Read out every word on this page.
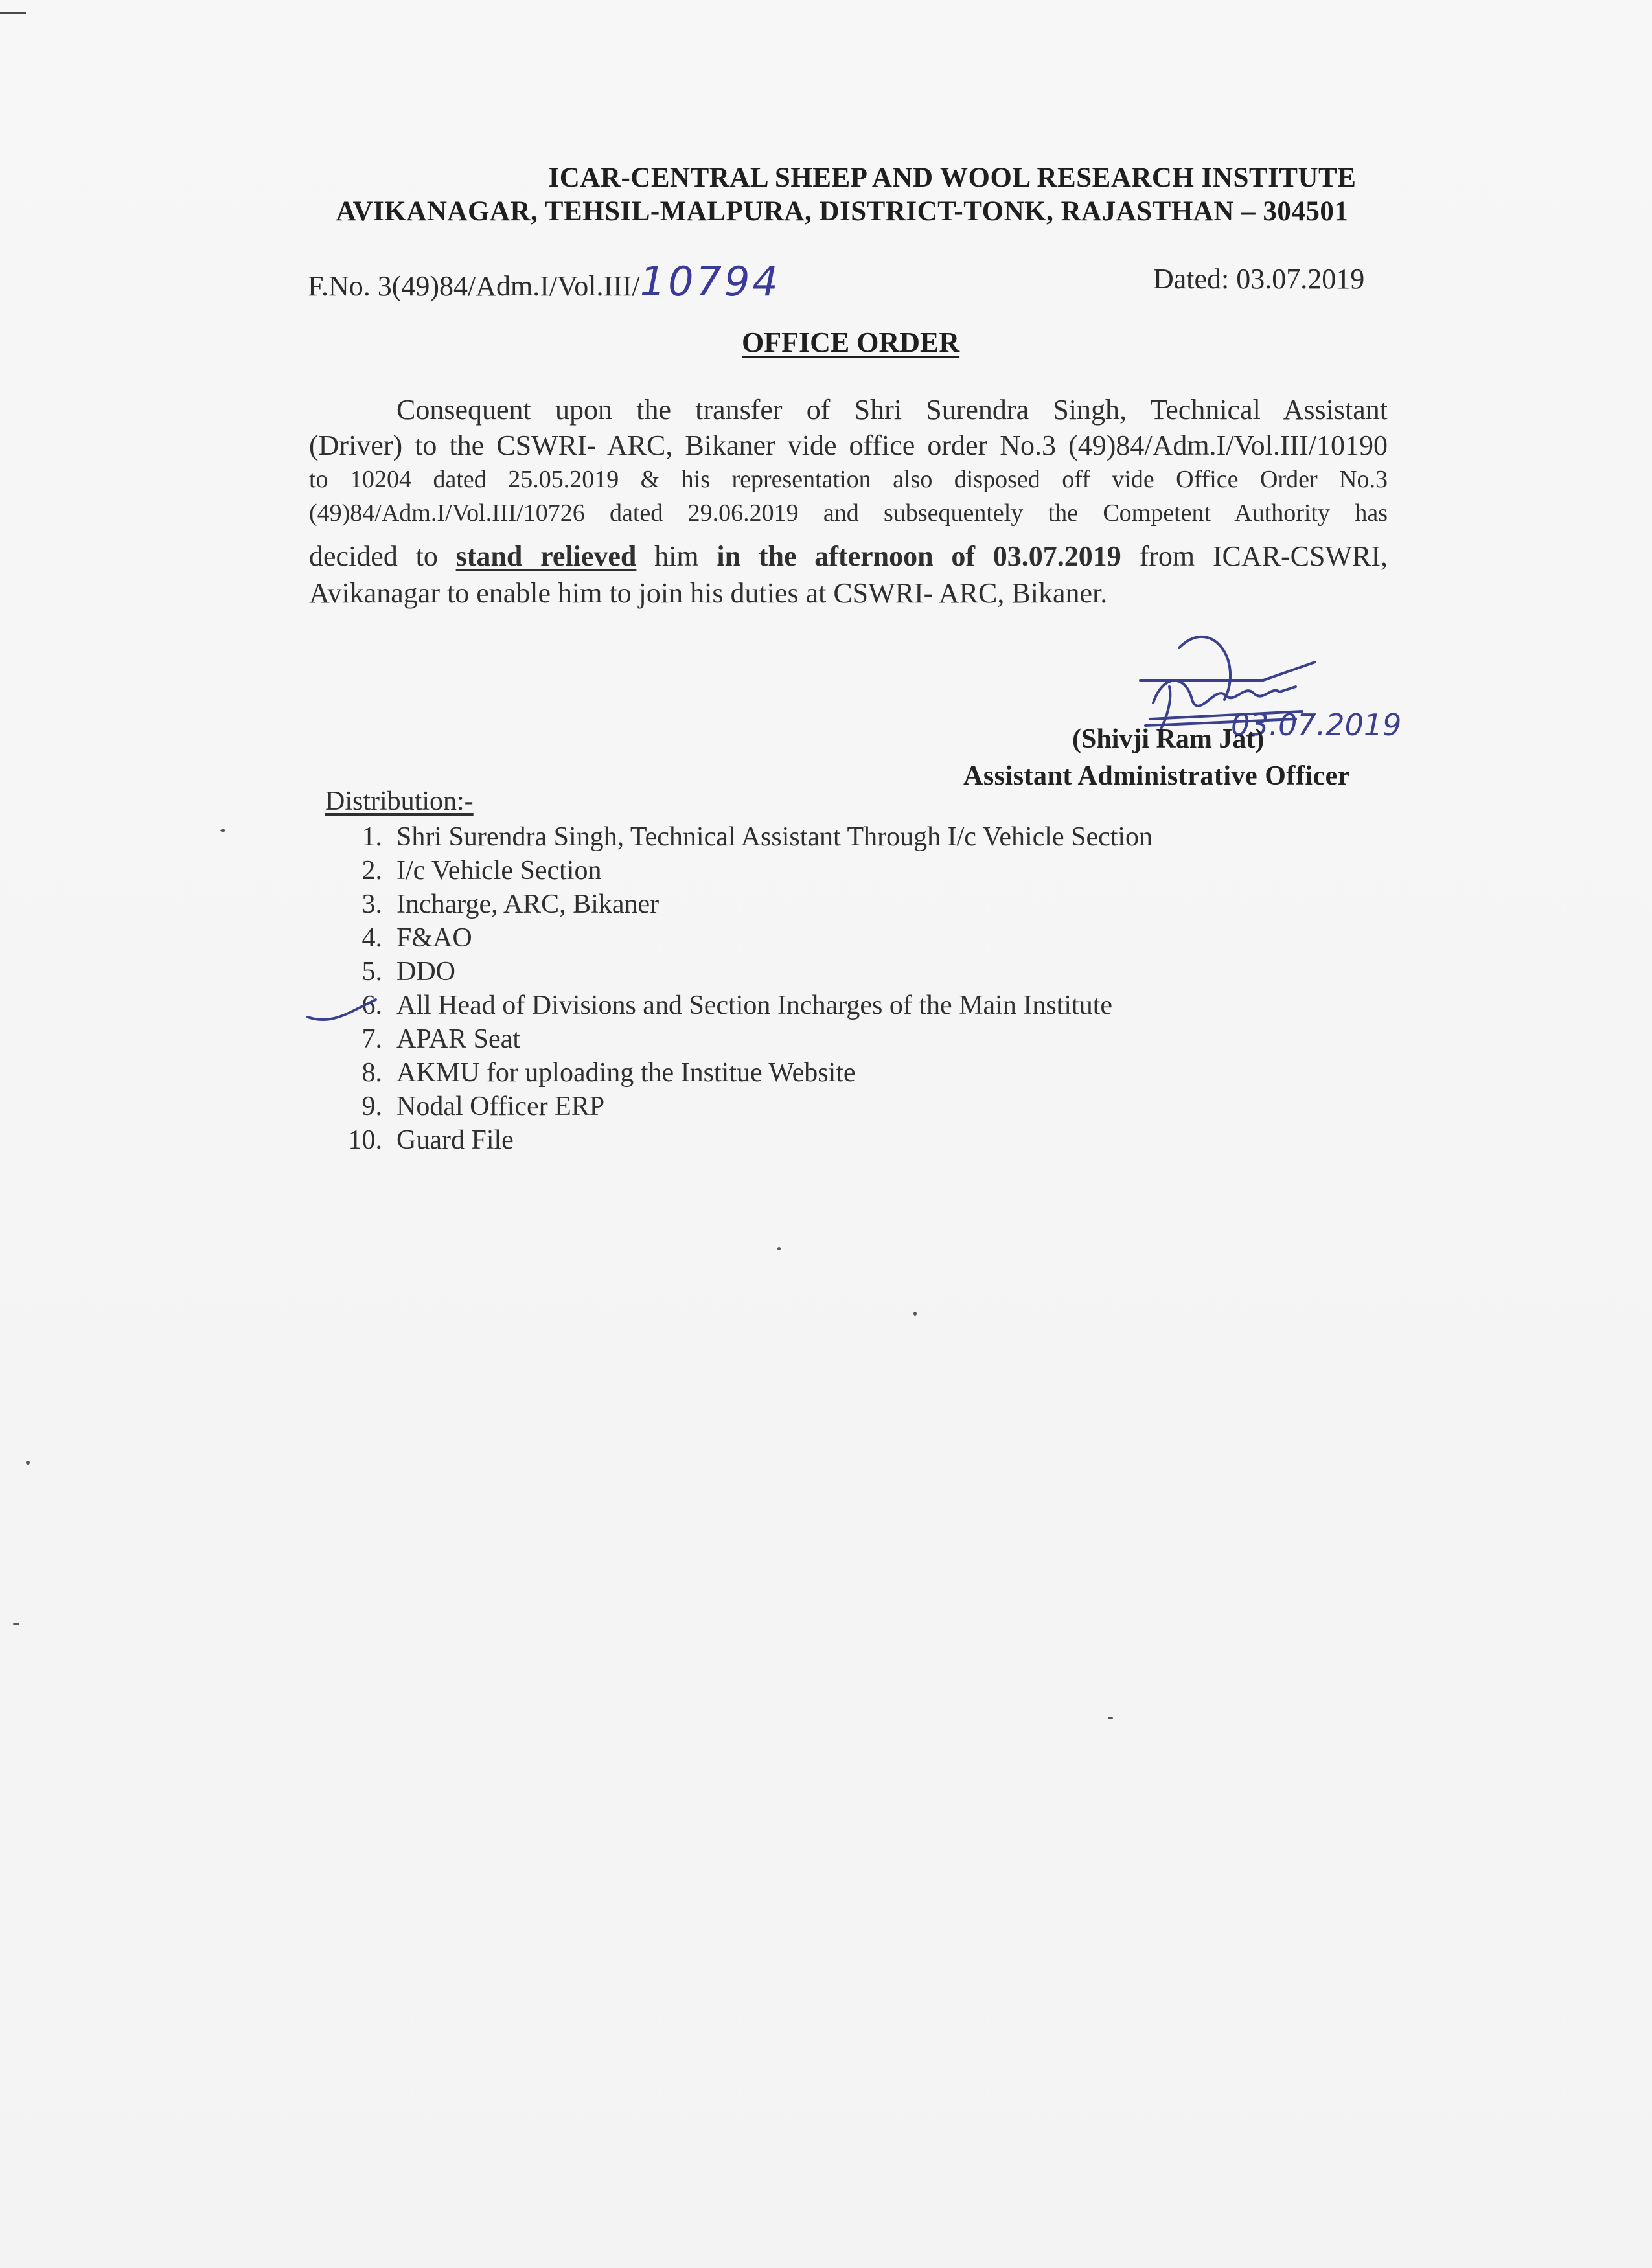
ICAR-CENTRAL SHEEP AND WOOL RESEARCH INSTITUTE
AVIKANAGAR, TEHSIL-MALPURA, DISTRICT-TONK, RAJASTHAN – 304501
F.No. 3(49)84/Adm.I/Vol.III/10794	Dated: 03.07.2019
OFFICE ORDER
Consequent upon the transfer of Shri Surendra Singh, Technical Assistant
(Driver) to the CSWRI- ARC, Bikaner vide office order No.3 (49)84/Adm.I/Vol.III/10190
to 10204 dated 25.05.2019 & his representation also disposed off vide Office Order No.3
(49)84/Adm.I/Vol.III/10726 dated 29.06.2019 and subsequentely the Competent Authority has
decided to stand relieved him in the afternoon of 03.07.2019 from ICAR-CSWRI,
Avikanagar to enable him to join his duties at CSWRI- ARC, Bikaner.
03.07.2019
(Shivji Ram Jat)
Assistant Administrative Officer
Distribution:-
1. Shri Surendra Singh, Technical Assistant Through I/c Vehicle Section
2. I/c Vehicle Section
3. Incharge, ARC, Bikaner
4. F&AO
5. DDO
6. All Head of Divisions and Section Incharges of the Main Institute
7. APAR Seat
8. AKMU for uploading the Institue Website
9. Nodal Officer ERP
10. Guard File
